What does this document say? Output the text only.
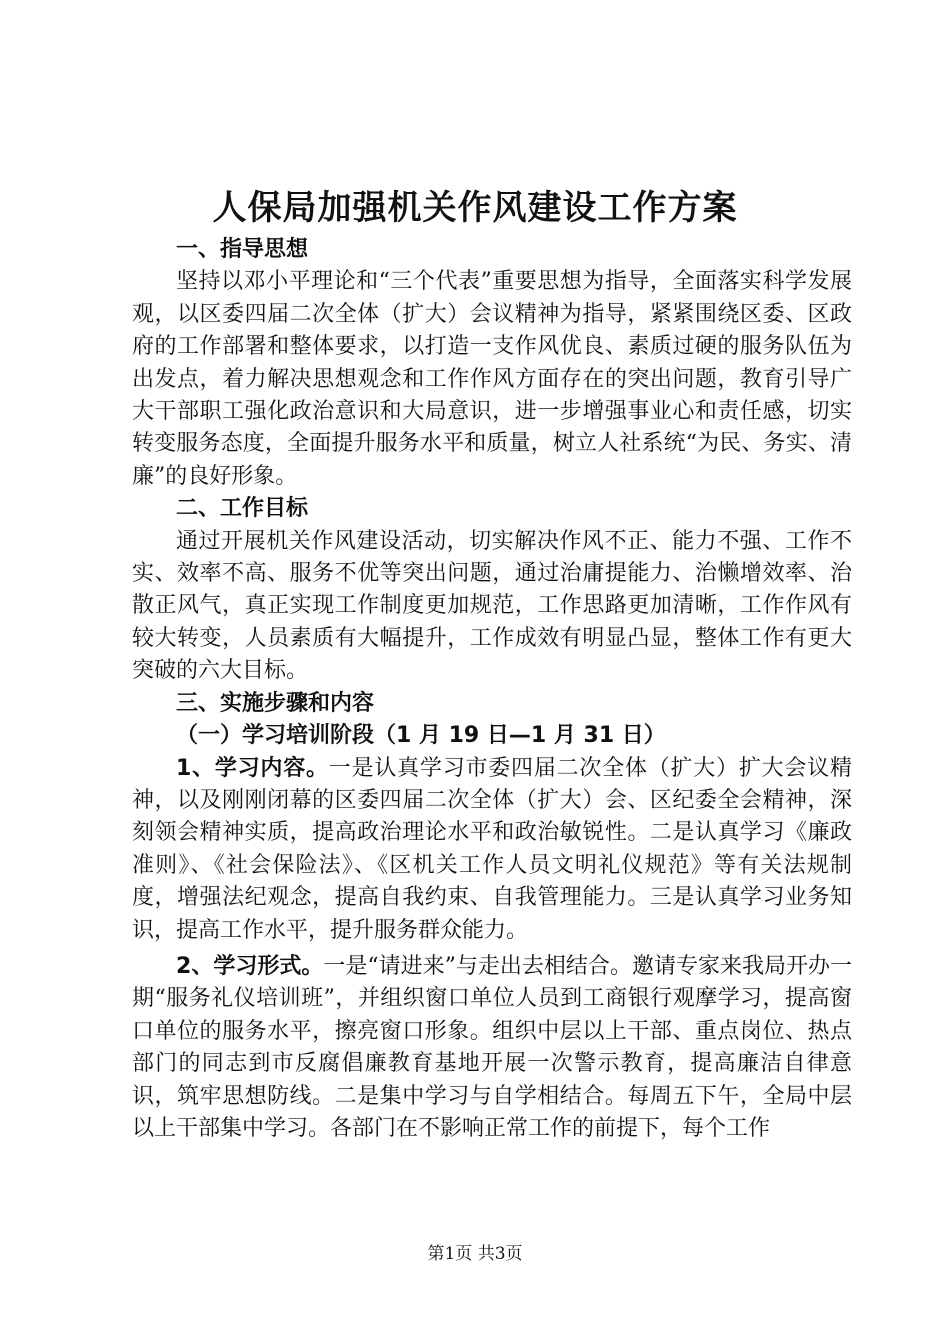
人保局加强机关作风建设工作方案
一、指导思想
坚持以邓小平理论和“三个代表”重要思想为指导，全面落实科学发展观，以区委四届二次全体（扩大）会议精神为指导，紧紧围绕区委、区政府的工作部署和整体要求，以打造一支作风优良、素质过硬的服务队伍为出发点，着力解决思想观念和工作作风方面存在的突出问题，教育引导广大干部职工强化政治意识和大局意识，进一步增强事业心和责任感，切实转变服务态度，全面提升服务水平和质量，树立人社系统“为民、务实、清廉”的良好形象。
二、工作目标
通过开展机关作风建设活动，切实解决作风不正、能力不强、工作不实、效率不高、服务不优等突出问题，通过治庸提能力、治懒增效率、治散正风气，真正实现工作制度更加规范，工作思路更加清晰，工作作风有较大转变，人员素质有大幅提升，工作成效有明显凸显，整体工作有更大突破的六大目标。
三、实施步骤和内容
（一）学习培训阶段（1 月 19 日—1 月 31 日）
1、学习内容。一是认真学习市委四届二次全体（扩大）扩大会议精神，以及刚刚闭幕的区委四届二次全体（扩大）会、区纪委全会精神，深刻领会精神实质，提高政治理论水平和政治敏锐性。二是认真学习《廉政准则》、《社会保险法》、《区机关工作人员文明礼仪规范》等有关法规制度，增强法纪观念，提高自我约束、自我管理能力。三是认真学习业务知识，提高工作水平，提升服务群众能力。
2、学习形式。一是“请进来”与走出去相结合。邀请专家来我局开办一期“服务礼仪培训班”，并组织窗口单位人员到工商银行观摩学习，提高窗口单位的服务水平，擦亮窗口形象。组织中层以上干部、重点岗位、热点部门的同志到市反腐倡廉教育基地开展一次警示教育，提高廉洁自律意识，筑牢思想防线。二是集中学习与自学相结合。每周五下午，全局中层以上干部集中学习。各部门在不影响正常工作的前提下，每个工作
第1页 共3页
